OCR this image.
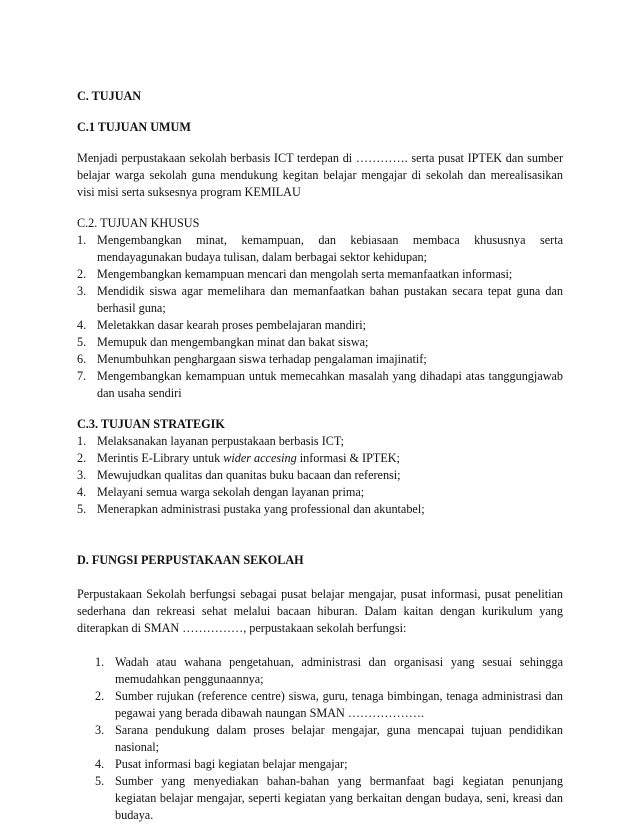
C. TUJUAN
C.1 TUJUAN UMUM

Menjadi perpustakaan sekolah berbasis ICT terdepan di …………. serta pusat IPTEK dan sumber belajar warga sekolah guna mendukung kegitan belajar mengajar di sekolah dan merealisasikan visi misi serta suksesnya program KEMILAU

C.2. TUJUAN KHUSUS
1. Mengembangkan minat, kemampuan, dan kebiasaan membaca khususnya serta mendayagunakan budaya tulisan, dalam berbagai sektor kehidupan;
2. Mengembangkan kemampuan mencari dan mengolah serta memanfaatkan informasi;
3. Mendidik siswa agar memelihara dan memanfaatkan bahan pustakan secara tepat guna dan berhasil guna;
4. Meletakkan dasar kearah proses pembelajaran mandiri;
5. Memupuk dan mengembangkan minat dan bakat siswa;
6. Menumbuhkan penghargaan siswa terhadap pengalaman imajinatif;
7. Mengembangkan kemampuan untuk memecahkan masalah yang dihadapi atas tanggungjawab dan usaha sendiri
C.3. TUJUAN STRATEGIK
1. Melaksanakan layanan perpustakaan berbasis ICT;
2. Merintis E-Library untuk wider accesing informasi & IPTEK;
3. Mewujudkan qualitas dan quanitas buku bacaan dan referensi;
4. Melayani semua warga sekolah dengan layanan prima;
5. Menerapkan administrasi pustaka yang professional dan akuntabel;
D. FUNGSI PERPUSTAKAAN SEKOLAH

Perpustakaan Sekolah berfungsi sebagai pusat belajar mengajar, pusat informasi, pusat penelitian sederhana dan rekreasi sehat melalui bacaan hiburan. Dalam kaitan dengan kurikulum yang diterapkan di SMAN ……………, perpustakaan sekolah berfungsi:

1. Wadah atau wahana pengetahuan, administrasi dan organisasi yang sesuai sehingga memudahkan penggunaannya;
2. Sumber rujukan (reference centre) siswa, guru, tenaga bimbingan, tenaga administrasi dan pegawai yang berada dibawah naungan SMAN ……………….
3. Sarana pendukung dalam proses belajar mengajar, guna mencapai tujuan pendidikan nasional;
4. Pusat informasi bagi kegiatan belajar mengajar;
5. Sumber yang menyediakan bahan-bahan yang bermanfaat bagi kegiatan penunjang kegiatan belajar mengajar, seperti kegiatan yang berkaitan dengan budaya, seni, kreasi dan budaya.
